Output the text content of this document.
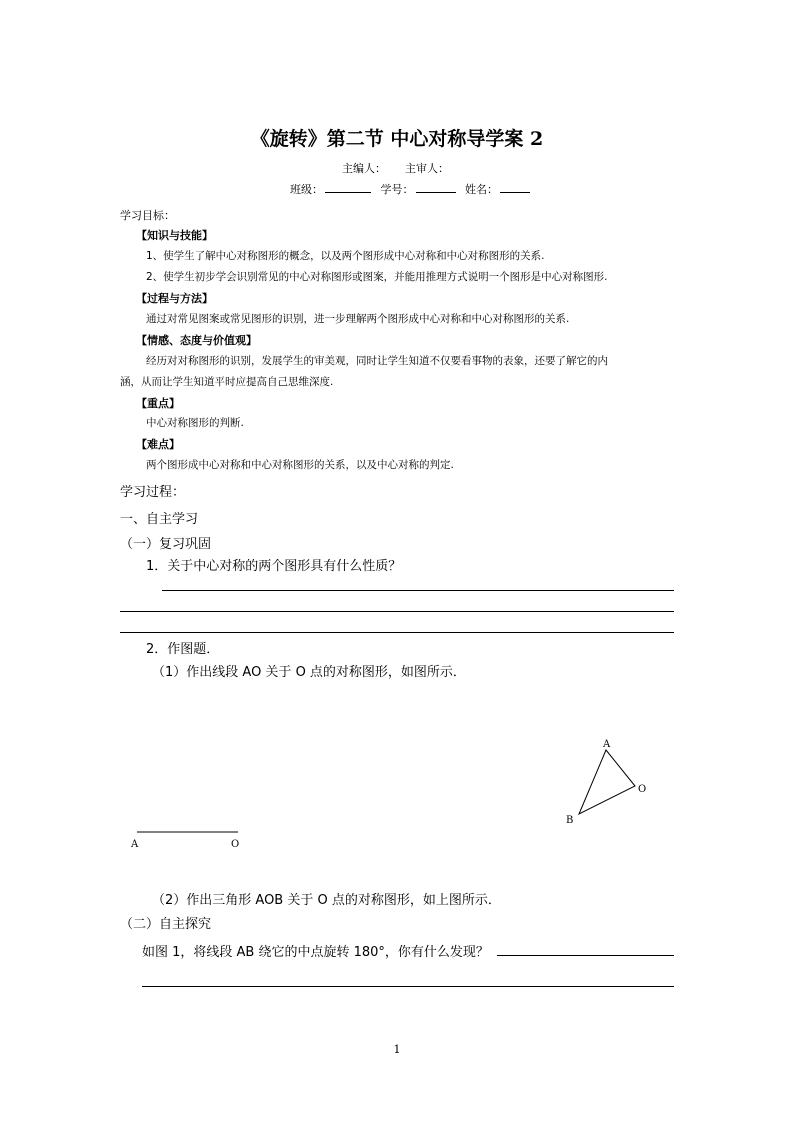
《旋转》第二节 中心对称导学案 2
主编人： 主审人：
班级：	学号：	姓名：
学习目标：
【知识与技能】
1、使学生了解中心对称图形的概念，以及两个图形成中心对称和中心对称图形的关系.
2、使学生初步学会识别常见的中心对称图形或图案，并能用推理方式说明一个图形是中心对称图形.
【过程与方法】
通过对常见图案或常见图形的识别，进一步理解两个图形成中心对称和中心对称图形的关系.
【情感、态度与价值观】
经历对对称图形的识别，发展学生的审美观，同时让学生知道不仅要看事物的表象，还要了解它的内
涵，从而让学生知道平时应提高自己思维深度.
【重点】
中心对称图形的判断.
【难点】
两个图形成中心对称和中心对称图形的关系，以及中心对称的判定.
学习过程：
一、自主学习
（一）复习巩固
1．关于中心对称的两个图形具有什么性质？
2．作图题．
（1）作出线段 AO 关于 O 点的对称图形，如图所示．
A	O
A
O
B
（2）作出三角形 AOB 关于 O 点的对称图形，如上图所示．
（二）自主探究
如图 1，将线段 AB 绕它的中点旋转 180°，你有什么发现？
1
